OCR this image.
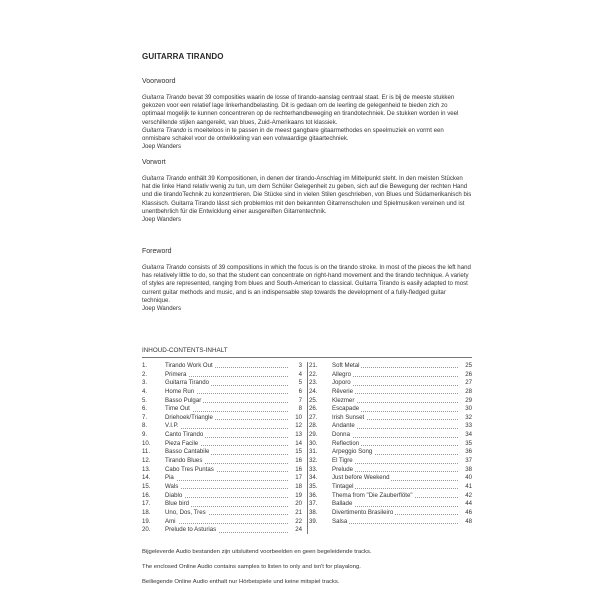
GUITARRA TIRANDO
Voorwoord

Guitarra Tirando bevat 39 composities waarin de losse of tirando-aanslag centraal staat. Er is bij de meeste stukken gekozen voor een relatief lage linkerhandbelasting. Dit is gedaan om de leerling de gelegenheid te bieden zich zo optimaal mogelijk te kunnen concentreren op de rechterhandbeweging en tirandotechniek. De stukken worden in veel verschillende stijlen aangereikt, van blues, Zuid-Amerikaans tot klassiek.

Guitarra Tirando is moeiteloos in te passen in de meest gangbare gitaarmethodes en speelmuziek en vormt een onmisbare schakel voor de ontwikkeling van een volwaardige gitaartechniek.

Joep Wanders

Vorwort

Guitarra Tirando enthält 39 Kompositionen, in denen der tirando-Anschlag im Mittelpunkt steht. In den meisten Stücken hat die linke Hand relativ wenig zu tun, um dem Schüler Gelegenheit zu geben, sich auf die Bewegung der rechten Hand und die tirandoTechnik zu konzentrieren. Die Stücke sind in vielen Stilen geschrieben, von Blues und Südamerikanisch bis Klassisch. Guitarra Tirando lässt sich problemlos mit den bekannten Gitarrenschulen und Spielmusiken vereinen und ist unentbehrlich für die Entwicklung einer ausgereiften Gitarrentechnik.

Joep Wanders

Foreword

Guitarra Tirando consists of 39 compositions in which the focus is on the tirando stroke. In most of the pieces the left hand has relatively little to do, so that the student can concentrate on right-hand movement and the tirando technique. A variety of styles are represented, ranging from blues and South-American to classical. Guitarra Tirando is easily adapted to most current guitar methods and music, and is an indispensable step towards the development of a fully-fledged guitar technique.

Joep Wanders

INHOUD-CONTENTS-INHALT
1.	Tirando Work Out	3
2.	Primera	4
3.	Guitarra Tirando	5
4.	Home Run	6
5.	Basso Pulgar	7
6.	Time Out	8
7.	Driehoek/Triangle	10
8.	V.I.P.	12
9.	Canto Tirando	13
10. Pieza Facile	14
11. Basso Cantabile	15
12. Tirando Blues	16
13. Cabo Tres Puntas	16
14. Pia	17
15. Wals	18
16. Diablo	19
17. Blue bird	20
18. Uno, Dos, Tres	21
19. Ami	22
20. Prelude to Asturias	24
21. Soft Metal	25
22. Allegro	26
23. Joporo	27
24. Rêverie	28
25. Klezmer	29
26. Escapade	30
27. Irish Sunset	32
28. Andante	33
29. Donna	34
30. Reflection	35
31. Arpeggio Song	36
32. El Tigre	37
33. Prelude	38
34. Just before Weekend	40
35. Tintagel	41
36. Thema from "Die Zauberflöte"	42
37. Ballade	44
38. Divertimento Brasileiro	46
39. Salsa	48
Bijgeleverde Audio bestanden zijn uitsluitend voorbeelden en geen begeleidende tracks.
The enclosed Online Audio contains samples to listen to only and isn't for playalong.
Beiliegende Online Audio enthalt nur Hörbeispiele und keine mitspiel tracks.
